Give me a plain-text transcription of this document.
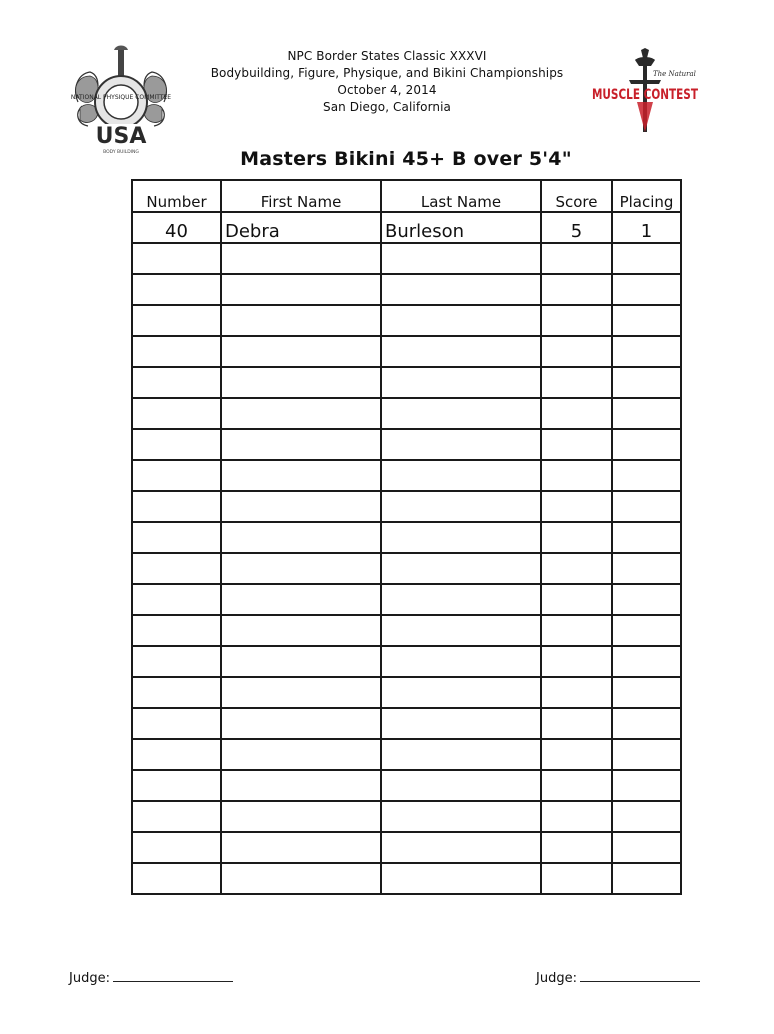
NATIONAL PHYSIQUE COMMITTEE
USA
BODY BUILDING
NPC Border States Classic XXXVI
Bodybuilding, Figure, Physique, and Bikini Championships
October 4, 2014
San Diego, California
The Natural
MUSCLE CONTEST
Masters Bikini 45+ B over 5'4"
Number	First Name	Last Name	Score	Placing
40	Debra	Burleson	5	1

Judge:	Judge:
